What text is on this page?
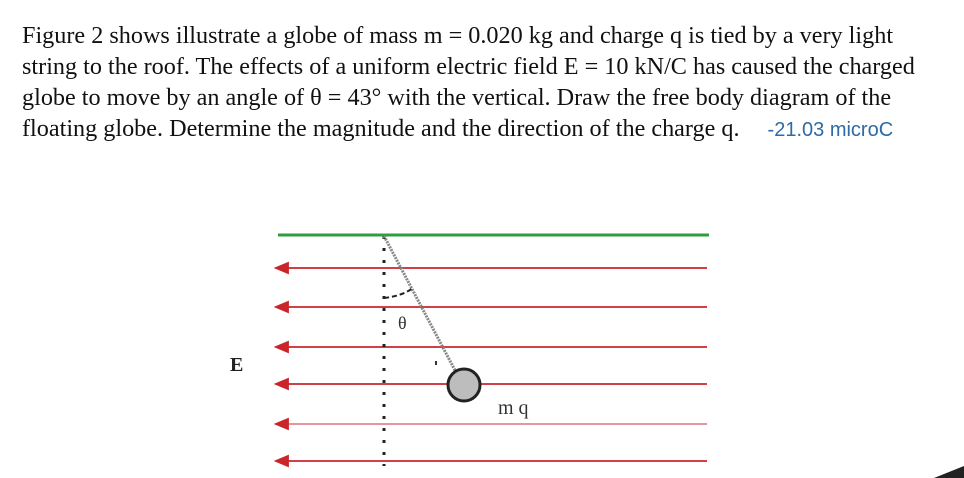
Figure 2 shows illustrate a globe of mass m = 0.020 kg and charge q is tied by a very light string to the roof. The effects of a uniform electric field E = 10 kN/C has caused the charged globe to move by an angle of θ = 43° with the vertical. Draw the free body diagram of the floating globe. Determine the magnitude and the direction of the charge q. -21.03 microC

E
θ
m q
